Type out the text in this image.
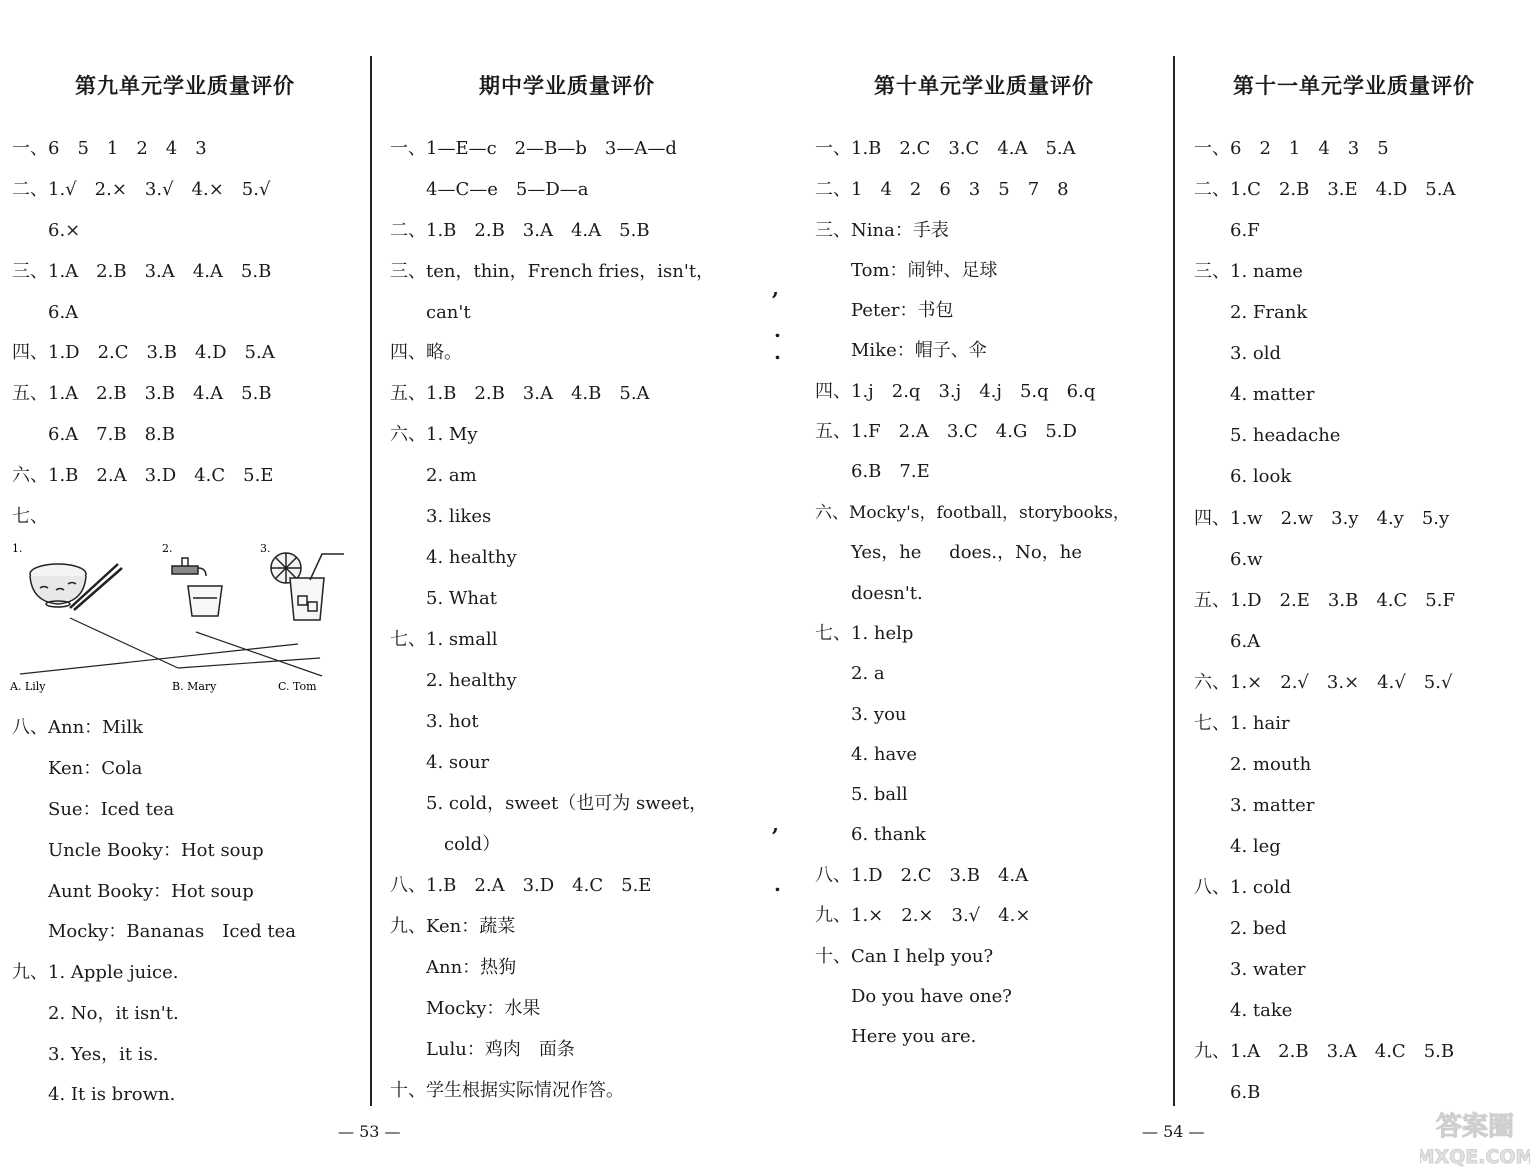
第九单元学业质量评价
一、6　5　1　2　4　3
二、1.√　2.×　3.√　4.×　5.√
　　6.×
三、1.A　2.B　3.A　4.A　5.B
　　6.A
四、1.D　2.C　3.B　4.D　5.A
五、1.A　2.B　3.B　4.A　5.B
　　6.A　7.B　8.B
六、1.B　2.A　3.D　4.C　5.E
七、
1.	2.	3.
A. Lily	B. Mary	C. Tom
八、Ann：Milk
　　Ken：Cola
　　Sue：Iced tea
　　Uncle Booky：Hot soup
　　Aunt Booky：Hot soup
　　Mocky：Bananas　Iced tea
九、1. Apple juice.
　　2. No，it isn't.
　　3. Yes，it is.
　　4. It is brown.
期中学业质量评价
一、1—E—c　2—B—b　3—A—d
　　4—C—e　5—D—a
二、1.B　2.B　3.A　4.A　5.B
三、ten，thin，French fries，isn't，
　　can't
四、略。
五、1.B　2.B　3.A　4.B　5.A
六、1. My
　　2. am
　　3. likes
　　4. healthy
　　5. What
七、1. small
　　2. healthy
　　3. hot
　　4. sour
　　5. cold，sweet（也可为 sweet，
　　　cold）
八、1.B　2.A　3.D　4.C　5.E
九、Ken：蔬菜
　　Ann：热狗
　　Mocky：水果
　　Lulu：鸡肉　面条
十、学生根据实际情况作答。
,
.
.
,
.
第十单元学业质量评价
一、1.B　2.C　3.C　4.A　5.A
二、1　4　2　6　3　5　7　8
三、Nina：手表
　　Tom：闹钟、足球
　　Peter：书包
　　Mike：帽子、伞
四、1.j　2.q　3.j　4.j　5.q　6.q
五、1.F　2.A　3.C　4.G　5.D
　　6.B　7.E
六、Mocky's，football，storybooks，
　　Yes，he does.，No，he
　　doesn't.
七、1. help
　　2. a
　　3. you
　　4. have
　　5. ball
　　6. thank
八、1.D　2.C　3.B　4.A
九、1.×　2.×　3.√　4.×
十、Can I help you?
　　Do you have one?
　　Here you are.
第十一单元学业质量评价
一、6　2　1　4　3　5
二、1.C　2.B　3.E　4.D　5.A
　　6.F
三、1. name
　　2. Frank
　　3. old
　　4. matter
　　5. headache
　　6. look
四、1.w　2.w　3.y　4.y　5.y
　　6.w
五、1.D　2.E　3.B　4.C　5.F
　　6.A
六、1.×　2.√　3.×　4.√　5.√
七、1. hair
　　2. mouth
　　3. matter
　　4. leg
八、1. cold
　　2. bed
　　3. water
　　4. take
九、1.A　2.B　3.A　4.C　5.B
　　6.B
— 53 —	— 54 —	答案圈
MXQE.COM
